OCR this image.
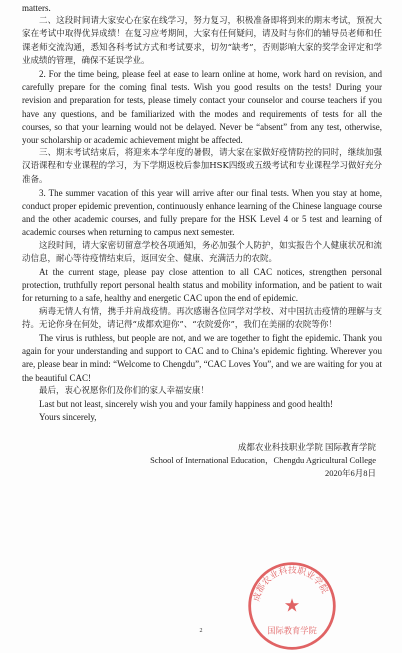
matters.

二、这段时间请大家安心在家在线学习，努力复习，积极准备即将到来的期末考试，预祝大家在考试中取得优异成绩！在复习应考期间，大家有任何疑问，请及时与你们的辅导员老师和任课老师交流沟通，悉知各科考试方式和考试要求，切勿“缺考”，否则影响大家的奖学金评定和学业成绩的管理，确保不延误学业。

2. For the time being, please feel at ease to learn online at home, work hard on revision, and carefully prepare for the coming final tests. Wish you good results on the tests! During your revision and preparation for tests, please timely contact your counselor and course teachers if you have any questions, and be familiarized with the modes and requirements of tests for all the courses, so that your learning would not be delayed. Never be “absent” from any test, otherwise, your scholarship or academic achievement might be affected.

三、期末考试结束后，将迎来本学年度的暑假，请大家在家做好疫情防控的同时，继续加强汉语课程和专业课程的学习，为下学期返校后参加HSK四级或五级考试和专业课程学习做好充分准备。

3. The summer vacation of this year will arrive after our final tests. When you stay at home, conduct proper epidemic prevention, continuously enhance learning of the Chinese language course and the other academic courses, and fully prepare for the HSK Level 4 or 5 test and learning of academic courses when returning to campus next semester.

这段时间，请大家密切留意学校各项通知，务必加强个人防护，如实报告个人健康状况和流动信息，耐心等待疫情结束后，返回安全、健康、充满活力的农院。

At the current stage, please pay close attention to all CAC notices, strengthen personal protection, truthfully report personal health status and mobility information, and be patient to wait for returning to a safe, healthy and energetic CAC upon the end of epidemic.

病毒无情人有情，携手并肩战疫情。再次感谢各位同学对学校、对中国抗击疫情的理解与支持。无论你身在何处，请记得“成都欢迎你”、“农院爱你”，我们在美丽的农院等你！

The virus is ruthless, but people are not, and we are together to fight the epidemic. Thank you again for your understanding and support to CAC and to China’s epidemic fighting. Wherever you are, please bear in mind: “Welcome to Chengdu”, “CAC Loves You”, and we are waiting for you at the beautiful CAC!

最后，衷心祝愿你们及你们的家人幸福安康！

Last but not least, sincerely wish you and your family happiness and good health!

Yours sincerely,

成都农业科技职业学院 国际教育学院

School of International Education，Chengdu Agricultural College

2020年6月8日

成都农业科技职业学院
★
国际教育学院
2
